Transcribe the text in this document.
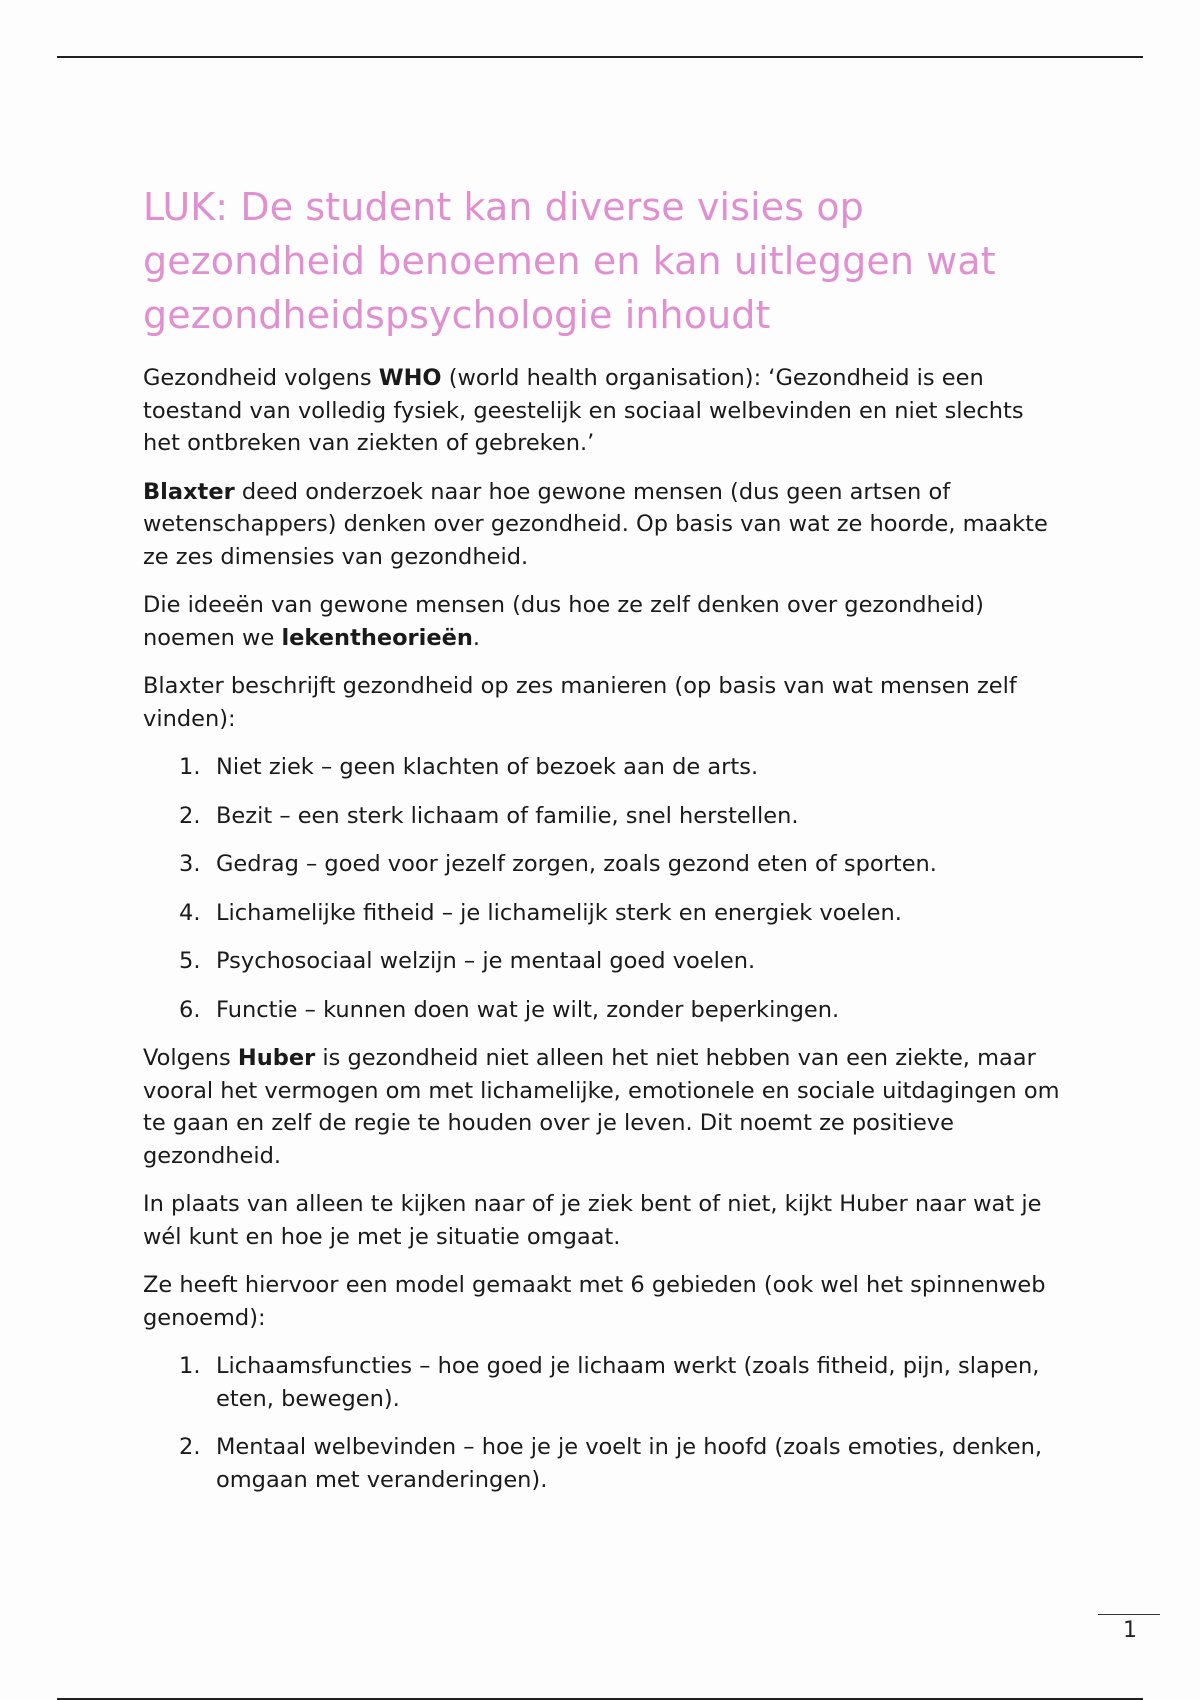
LUK: De student kan diverse visies op gezondheid benoemen en kan uitleggen wat gezondheidspsychologie inhoudt

Gezondheid volgens WHO (world health organisation): ‘Gezondheid is een toestand van volledig fysiek, geestelijk en sociaal welbevinden en niet slechts het ontbreken van ziekten of gebreken.’

Blaxter deed onderzoek naar hoe gewone mensen (dus geen artsen of wetenschappers) denken over gezondheid. Op basis van wat ze hoorde, maakte ze zes dimensies van gezondheid.

Die ideeën van gewone mensen (dus hoe ze zelf denken over gezondheid) noemen we lekentheorieën.

Blaxter beschrijft gezondheid op zes manieren (op basis van wat mensen zelf vinden):

1. Niet ziek – geen klachten of bezoek aan de arts.
2. Bezit – een sterk lichaam of familie, snel herstellen.
3. Gedrag – goed voor jezelf zorgen, zoals gezond eten of sporten.
4. Lichamelijke fitheid – je lichamelijk sterk en energiek voelen.
5. Psychosociaal welzijn – je mentaal goed voelen.
6. Functie – kunnen doen wat je wilt, zonder beperkingen.

Volgens Huber is gezondheid niet alleen het niet hebben van een ziekte, maar vooral het vermogen om met lichamelijke, emotionele en sociale uitdagingen om te gaan en zelf de regie te houden over je leven. Dit noemt ze positieve gezondheid.

In plaats van alleen te kijken naar of je ziek bent of niet, kijkt Huber naar wat je wél kunt en hoe je met je situatie omgaat.

Ze heeft hiervoor een model gemaakt met 6 gebieden (ook wel het spinnenweb genoemd):

1. Lichaamsfuncties – hoe goed je lichaam werkt (zoals fitheid, pijn, slapen, eten, bewegen).
2. Mentaal welbevinden – hoe je je voelt in je hoofd (zoals emoties, denken, omgaan met veranderingen).
1
